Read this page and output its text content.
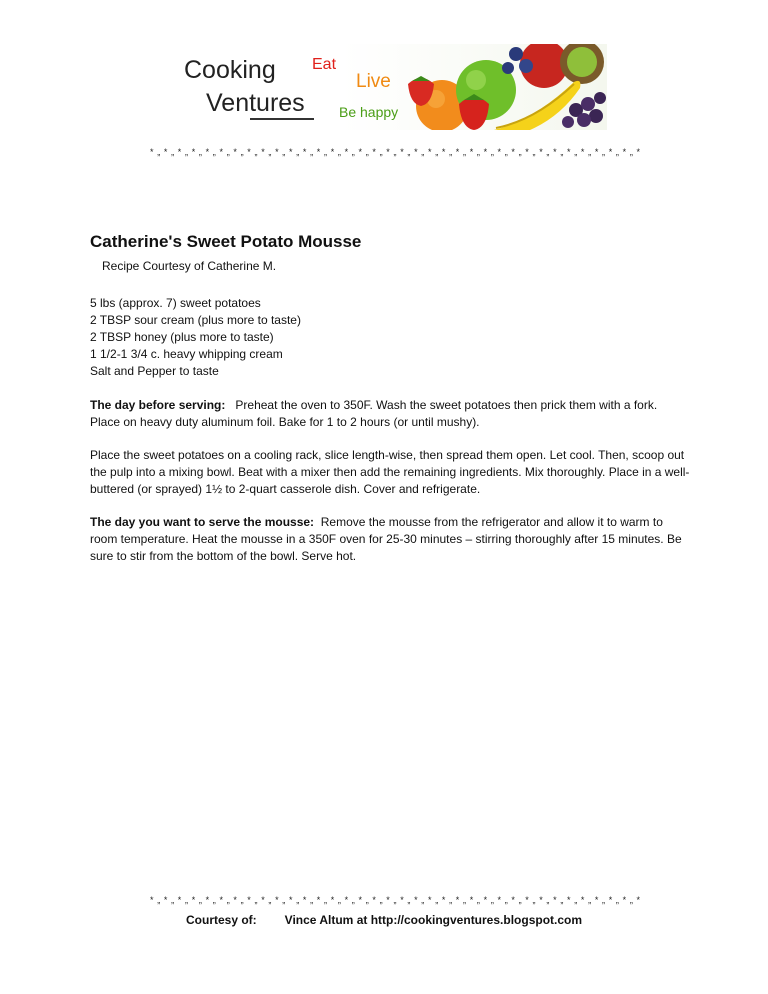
Cooking
Ventures
Eat
Live
Be happy
* „ * „ * „ * „ * „ * „ * „ * „ * „ * „ * „ * „ * „ * „ * „ * „ * „ * „ * „ * „ * „ * „ * „ * „ * „ * „ * „ * „ * „ * „ * „ * „ * „ * „ * „ *
Catherine's Sweet Potato Mousse
Recipe Courtesy of Catherine M.
5 lbs (approx. 7) sweet potatoes
2 TBSP sour cream (plus more to taste)
2 TBSP honey (plus more to taste)
1 1/2-1 3/4 c. heavy whipping cream
Salt and Pepper to taste
The day before serving: Preheat the oven to 350F. Wash the sweet potatoes then prick them with a fork. Place on heavy duty aluminum foil. Bake for 1 to 2 hours (or until mushy).
Place the sweet potatoes on a cooling rack, slice length-wise, then spread them open. Let cool. Then, scoop out the pulp into a mixing bowl. Beat with a mixer then add the remaining ingredients. Mix thoroughly. Place in a well-buttered (or sprayed) 1½ to 2-quart casserole dish. Cover and refrigerate.
The day you want to serve the mousse: Remove the mousse from the refrigerator and allow it to warm to room temperature. Heat the mousse in a 350F oven for 25-30 minutes – stirring thoroughly after 15 minutes. Be sure to stir from the bottom of the bowl. Serve hot.
* „ * „ * „ * „ * „ * „ * „ * „ * „ * „ * „ * „ * „ * „ * „ * „ * „ * „ * „ * „ * „ * „ * „ * „ * „ * „ * „ * „ * „ * „ * „ * „ * „ * „ * „ *
Courtesy of: Vince Altum at http://cookingventures.blogspot.com
